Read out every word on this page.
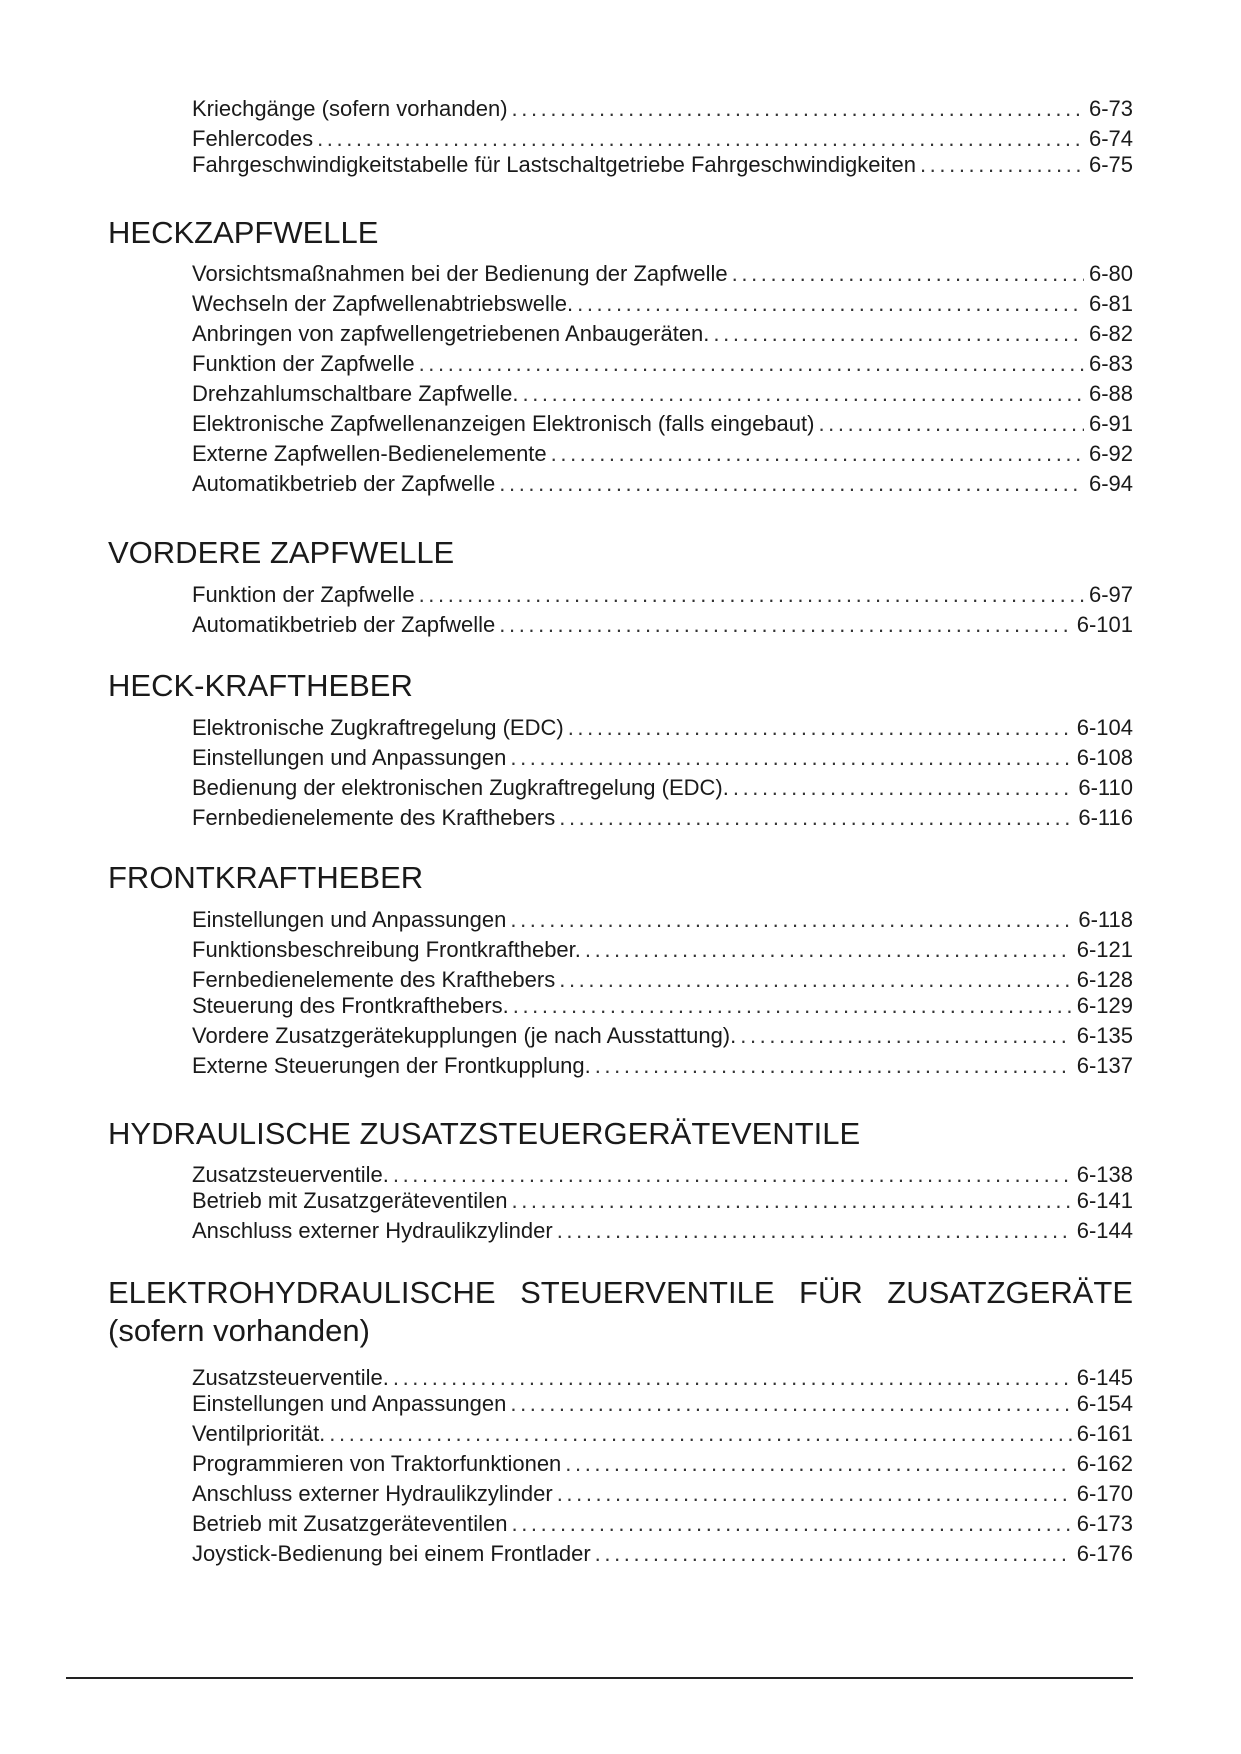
Kriechgänge (sofern vorhanden) .....	6-73
Fehlercodes .....	6-74
Fahrgeschwindigkeitstabelle für Lastschaltgetriebe Fahrgeschwindigkeiten .....	6-75
HECKZAPFWELLE
Vorsichtsmaßnahmen bei der Bedienung der Zapfwelle .....	6-80
Wechseln der Zapfwellenabtriebswelle. .....	6-81
Anbringen von zapfwellengetriebenen Anbaugeräten. .....	6-82
Funktion der Zapfwelle .....	6-83
Drehzahlumschaltbare Zapfwelle. .....	6-88
Elektronische Zapfwellenanzeigen Elektronisch (falls eingebaut) .....	6-91
Externe Zapfwellen-Bedienelemente .....	6-92
Automatikbetrieb der Zapfwelle .....	6-94
VORDERE ZAPFWELLE
Funktion der Zapfwelle .....	6-97
Automatikbetrieb der Zapfwelle .....	6-101
HECK-KRAFTHEBER
Elektronische Zugkraftregelung (EDC) .....	6-104
Einstellungen und Anpassungen .....	6-108
Bedienung der elektronischen Zugkraftregelung (EDC). .....	6-110
Fernbedienelemente des Krafthebers .....	6-116
FRONTKRAFTHEBER
Einstellungen und Anpassungen .....	6-118
Funktionsbeschreibung Frontkraftheber. .....	6-121
Fernbedienelemente des Krafthebers .....	6-128
Steuerung des Frontkrafthebers. .....	6-129
Vordere Zusatzgerätekupplungen (je nach Ausstattung). .....	6-135
Externe Steuerungen der Frontkupplung. .....	6-137
HYDRAULISCHE ZUSATZSTEUERGERÄTEVENTILE
Zusatzsteuerventile. .....	6-138
Betrieb mit Zusatzgeräteventilen .....	6-141
Anschluss externer Hydraulikzylinder .....	6-144
ELEKTROHYDRAULISCHE STEUERVENTILE FÜR ZUSATZGERÄTE (sofern vorhanden)
Zusatzsteuerventile. .....	6-145
Einstellungen und Anpassungen .....	6-154
Ventilpriorität. .....	6-161
Programmieren von Traktorfunktionen .....	6-162
Anschluss externer Hydraulikzylinder .....	6-170
Betrieb mit Zusatzgeräteventilen .....	6-173
Joystick-Bedienung bei einem Frontlader .....	6-176
